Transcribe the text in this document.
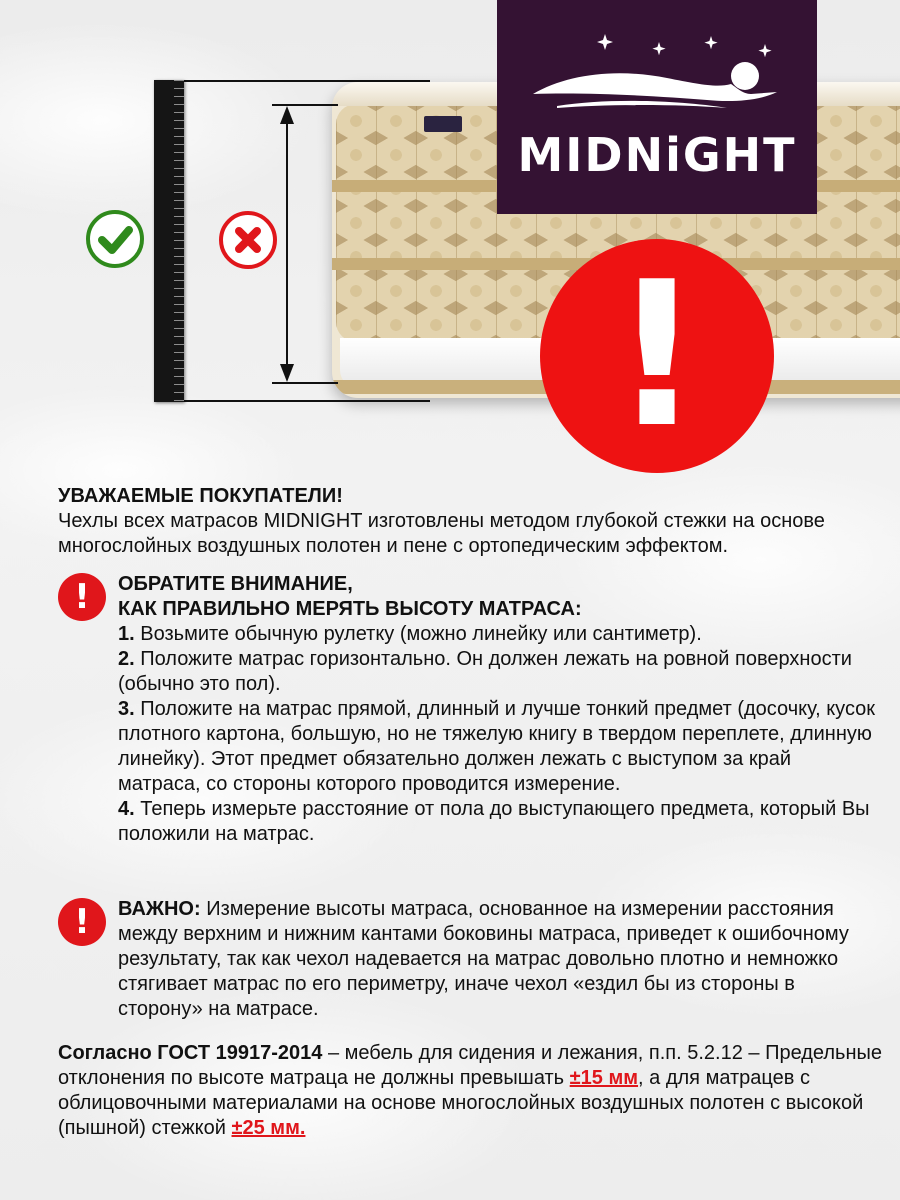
MIDNiGHT
!

УВАЖАЕМЫЕ ПОКУПАТЕЛИ!

Чехлы всех матрасов MIDNIGHT изготовлены методом глубокой стежки на основе многослойных воздушных полотен и пене с ортопедическим эффектом.

!	ОБРАТИТЕ ВНИМАНИЕ,

КАК ПРАВИЛЬНО МЕРЯТЬ ВЫСОТУ МАТРАСА:

1. Возьмите обычную рулетку (можно линейку или сантиметр).

2. Положите матрас горизонтально. Он должен лежать на ровной поверхности (обычно это пол).

3. Положите на матрас прямой, длинный и лучше тонкий предмет (досочку, кусок плотного картона, большую, но не тяжелую книгу в твердом переплете, длинную линейку). Этот предмет обязательно должен лежать с выступом за край матраса, со стороны которого проводится измерение.

4. Теперь измерьте расстояние от пола до выступающего предмета, который Вы положили на матрас.

!	ВАЖНО: Измерение высоты матраса, основанное на измерении расстояния между верхним и нижним кантами боковины матраса, приведет к ошибочному результату, так как чехол надевается на матрас довольно плотно и немножко стягивает матрас по его периметру, иначе чехол «ездил бы из стороны в сторону» на матрасе.

Согласно ГОСТ 19917-2014 – мебель для сидения и лежания, п.п. 5.2.12 – Предельные отклонения по высоте матраца не должны превышать ±15 мм, а для матрацев с облицовочными материалами на основе многослойных воздушных полотен с высокой (пышной) стежкой ±25 мм.
